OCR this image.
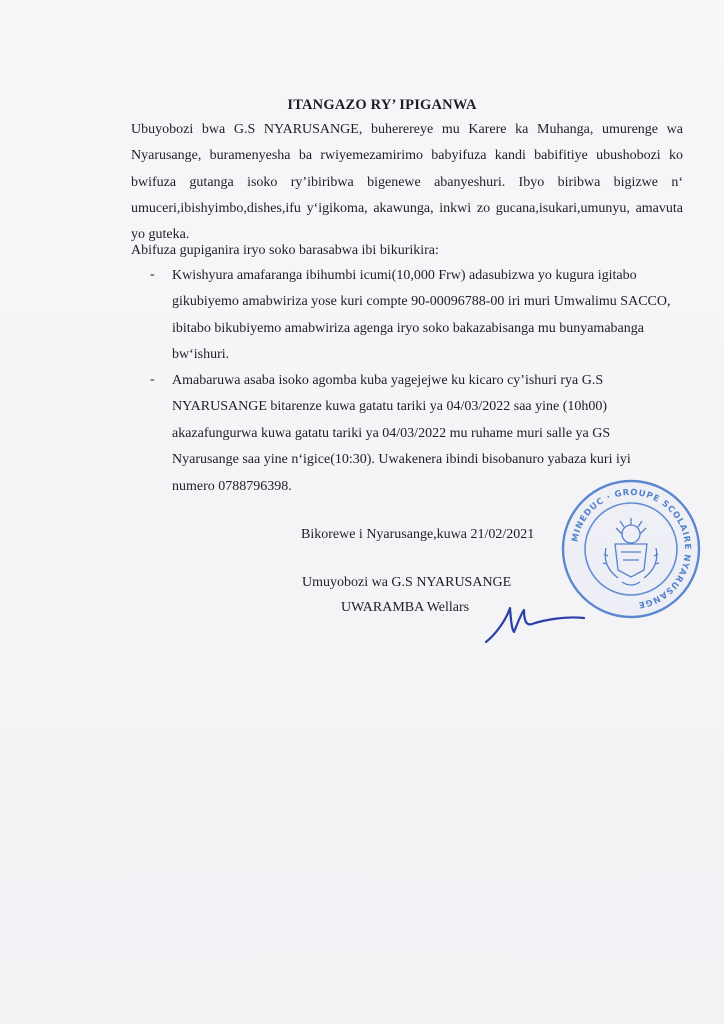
ITANGAZO RY’ IPIGANWA
Ubuyobozi bwa G.S NYARUSANGE, buherereye mu Karere ka Muhanga, umurenge wa Nyarusange, buramenyesha ba rwiyemezamirimo babyifuza kandi babifitiye ubushobozi ko bwifuza gutanga isoko ry’ibiribwa bigenewe abanyeshuri. Ibyo biribwa bigizwe n‘ umuceri,ibishyimbo,dishes,ifu y‘igikoma, akawunga, inkwi zo gucana,isukari,umunyu, amavuta yo guteka.
Abifuza gupiganira iryo soko barasabwa ibi bikurikira:
- Kwishyura amafaranga ibihumbi icumi(10,000 Frw) adasubizwa yo kugura igitabo gikubiyemo amabwiriza yose kuri compte 90-00096788-00 iri muri Umwalimu SACCO, ibitabo bikubiyemo amabwiriza agenga iryo soko bakazabisanga mu bunyamabanga bw‘ishuri.
- Amabaruwa asaba isoko agomba kuba yagejejwe ku kicaro cy’ishuri rya G.S NYARUSANGE bitarenze kuwa gatatu tariki ya 04/03/2022 saa yine (10h00) akazafungurwa kuwa gatatu tariki ya 04/03/2022 mu ruhame muri salle ya GS Nyarusange saa yine n‘igice(10:30). Uwakenera ibindi bisobanuro yabaza kuri iyi numero 0788796398.
Bikorewe i Nyarusange,kuwa 21/02/2021
Umuyobozi wa G.S NYARUSANGE
UWARAMBA Wellars
MINEDUC · GROUPE SCOLAIRE NYARUSANGE
